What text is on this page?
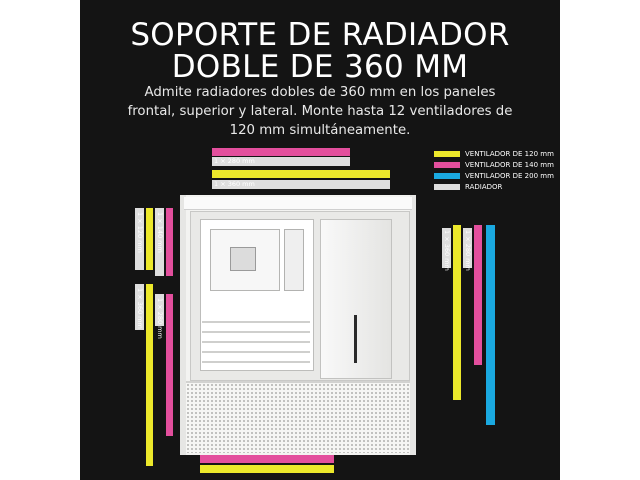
SOPORTE DE RADIADOR
DOBLE DE 360 MM
Admite radiadores dobles de 360 mm en los paneles
frontal, superior y lateral. Monte hasta 12 ventiladores de
120 mm simultáneamente.
VENTILADOR DE 120 mm
VENTILADOR DE 140 mm
VENTILADOR DE 200 mm
RADIADOR
1 × 280 mm
1 × 360 mm
1 × 120 mm 1 × 140 mm
1 × 360 mm 1 × 280 mm
1 × 360 mm 1 × 280 mm
